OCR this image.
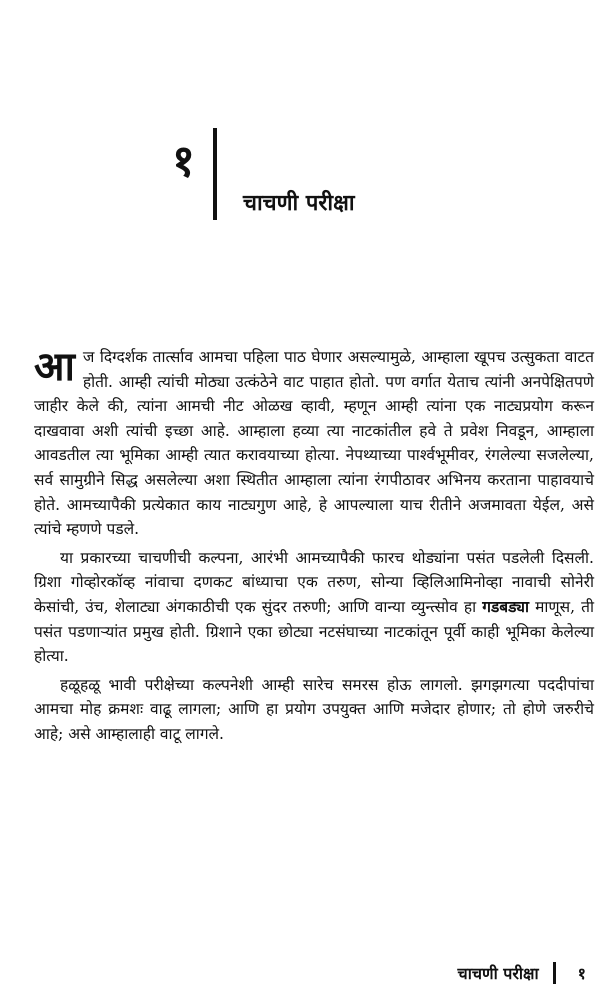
१
चाचणी परीक्षा

आज दिग्दर्शक तार्त्साव आमचा पहिला पाठ घेणार असल्यामुळे, आम्हाला खूपच उत्सुकता वाटत होती. आम्ही त्यांची मोठ्या उत्कंठेने वाट पाहात होतो. पण वर्गात येताच त्यांनी अनपेक्षितपणे जाहीर केले की, त्यांना आमची नीट ओळख व्हावी, म्हणून आम्ही त्यांना एक नाट्यप्रयोग करून दाखवावा अशी त्यांची इच्छा आहे. आम्हाला हव्या त्या नाटकांतील हवे ते प्रवेश निवडून, आम्हाला आवडतील त्या भूमिका आम्ही त्यात करावयाच्या होत्या. नेपथ्याच्या पार्श्वभूमीवर, रंगलेल्या सजलेल्या, सर्व सामुग्रीने सिद्ध असलेल्या अशा स्थितीत आम्हाला त्यांना रंगपीठावर अभिनय करताना पाहावयाचे होते. आमच्यापैकी प्रत्येकात काय नाट्यगुण आहे, हे आपल्याला याच रीतीने अजमावता येईल, असे त्यांचे म्हणणे पडले.

या प्रकारच्या चाचणीची कल्पना, आरंभी आमच्यापैकी फारच थोड्यांना पसंत पडलेली दिसली. ग्रिशा गोव्होरकॉव्ह नांवाचा दणकट बांध्याचा एक तरुण, सोन्या व्हिलिआमिनोव्हा नावाची सोनेरी केसांची, उंच, शेलाट्या अंगकाठीची एक सुंदर तरुणी; आणि वान्या व्युन्त्सोव हा गडबड्या माणूस, ती पसंत पडणाऱ्यांत प्रमुख होती. ग्रिशाने एका छोट्या नटसंघाच्या नाटकांतून पूर्वी काही भूमिका केलेल्या होत्या.

हळूहळू भावी परीक्षेच्या कल्पनेशी आम्ही सारेच समरस होऊ लागलो. झगझगत्या पददीपांचा आमचा मोह क्रमशः वाढू लागला; आणि हा प्रयोग उपयुक्त आणि मजेदार होणार; तो होणे जरुरीचे आहे; असे आम्हालाही वाटू लागले.

चाचणी परीक्षा १
